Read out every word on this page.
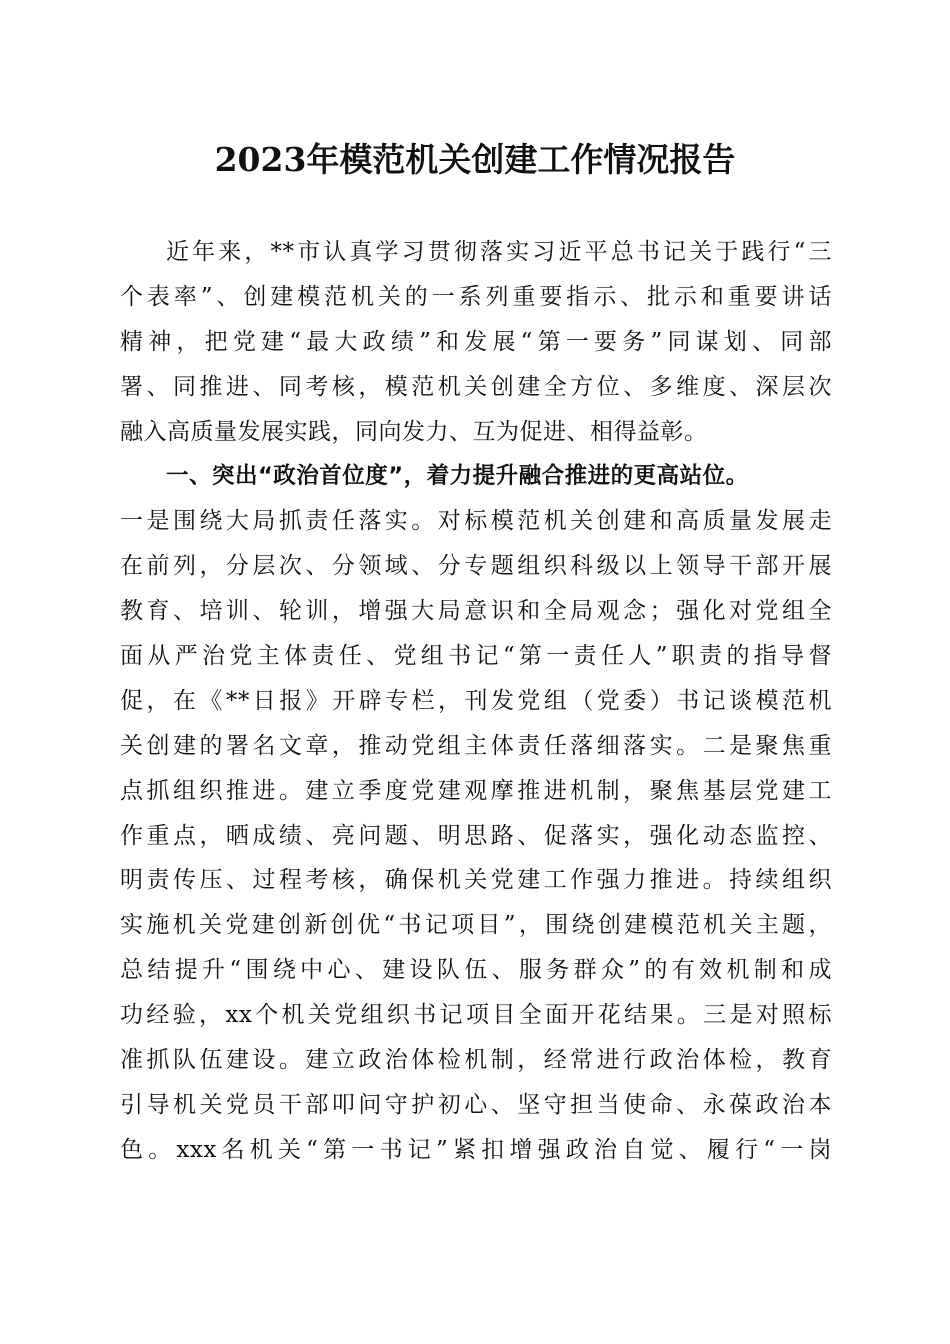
2023年模范机关创建工作情况报告
近年来，**市认真学习贯彻落实习近平总书记关于践行“三
个表率”、创建模范机关的一系列重要指示、批示和重要讲话
精神，把党建“最大政绩”和发展“第一要务”同谋划、同部
署、同推进、同考核，模范机关创建全方位、多维度、深层次
融入高质量发展实践，同向发力、互为促进、相得益彰。
一、突出“政治首位度”，着力提升融合推进的更高站位。
一是围绕大局抓责任落实。对标模范机关创建和高质量发展走
在前列，分层次、分领域、分专题组织科级以上领导干部开展
教育、培训、轮训，增强大局意识和全局观念；强化对党组全
面从严治党主体责任、党组书记“第一责任人”职责的指导督
促，在《**日报》开辟专栏，刊发党组（党委）书记谈模范机
关创建的署名文章，推动党组主体责任落细落实。二是聚焦重
点抓组织推进。建立季度党建观摩推进机制，聚焦基层党建工
作重点，晒成绩、亮问题、明思路、促落实，强化动态监控、
明责传压、过程考核，确保机关党建工作强力推进。持续组织
实施机关党建创新创优“书记项目”，围绕创建模范机关主题，
总结提升“围绕中心、建设队伍、服务群众”的有效机制和成
功经验，xx个机关党组织书记项目全面开花结果。三是对照标
准抓队伍建设。建立政治体检机制，经常进行政治体检，教育
引导机关党员干部叩问守护初心、坚守担当使命、永葆政治本
色。xxx名机关“第一书记”紧扣增强政治自觉、履行“一岗
